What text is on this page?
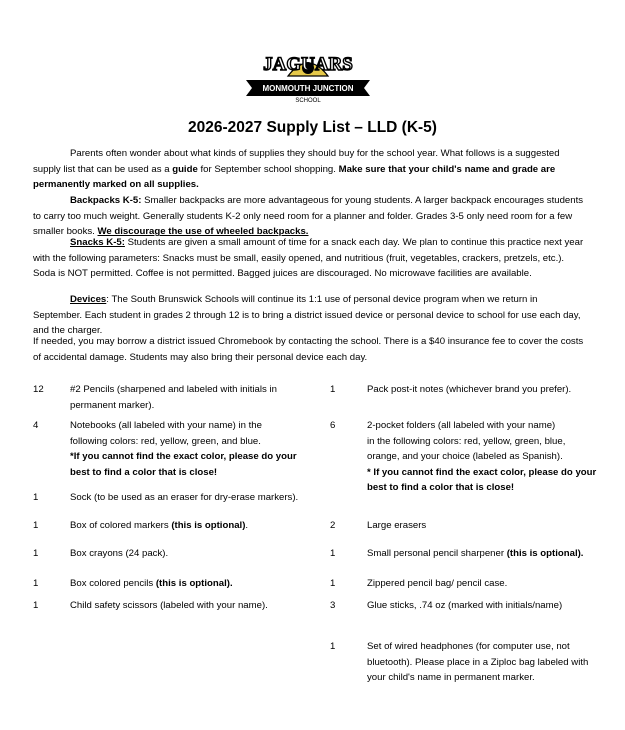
JAGUARS
MONMOUTH JUNCTION
SCHOOL
2026-2027 Supply List – LLD (K-5)
Parents often wonder about what kinds of supplies they should buy for the school year. What follows is a suggested supply list that can be used as a guide for September school shopping. Make sure that your child's name and grade are permanently marked on all supplies.
Backpacks K-5: Smaller backpacks are more advantageous for young students. A larger backpack encourages students to carry too much weight. Generally students K-2 only need room for a planner and folder. Grades 3-5 only need room for a few smaller books. We discourage the use of wheeled backpacks.
Snacks K-5: Students are given a small amount of time for a snack each day. We plan to continue this practice next year with the following parameters: Snacks must be small, easily opened, and nutritious (fruit, vegetables, crackers, pretzels, etc.). Soda is NOT permitted. Coffee is not permitted. Bagged juices are discouraged. No microwave facilities are available.
Devices: The South Brunswick Schools will continue its 1:1 use of personal device program when we return in September. Each student in grades 2 through 12 is to bring a district issued device or personal device to school for use each day, and the charger.
If needed, you may borrow a district issued Chromebook by contacting the school. There is a $40 insurance fee to cover the costs of accidental damage. Students may also bring their personal device each day.
12	#2 Pencils (sharpened and labeled with initials in
permanent marker).
4	Notebooks (all labeled with your name) in the
following colors: red, yellow, green, and blue.
*If you cannot find the exact color, please do your
best to find a color that is close!
1	Sock (to be used as an eraser for dry-erase markers).
1	Box of colored markers (this is optional).
1	Box crayons (24 pack).
1	Box colored pencils (this is optional).
1	Child safety scissors (labeled with your name).
1	Pack post-it notes (whichever brand you prefer).
6	2-pocket folders (all labeled with your name)
in the following colors: red, yellow, green, blue,
orange, and your choice (labeled as Spanish).
* If you cannot find the exact color, please do your
best to find a color that is close!
2	Large erasers
1	Small personal pencil sharpener (this is optional).
1	Zippered pencil bag/ pencil case.
3	Glue sticks, .74 oz (marked with initials/name)
1	Set of wired headphones (for computer use, not
bluetooth). Please place in a Ziploc bag labeled with
your child's name in permanent marker.
